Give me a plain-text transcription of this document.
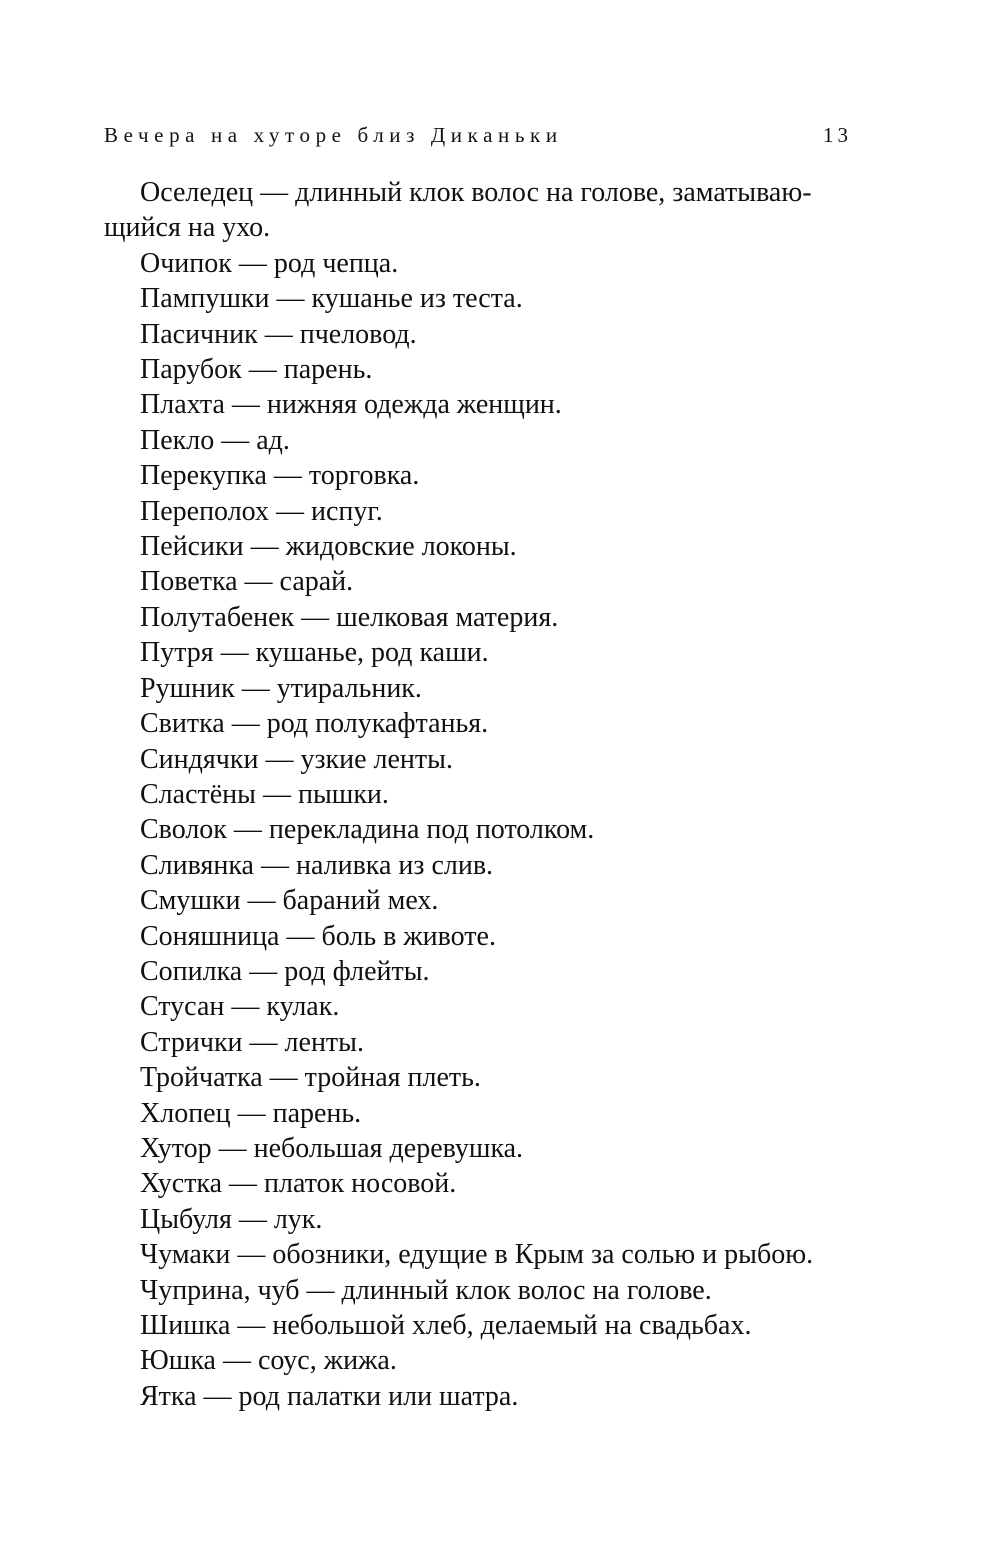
Вечера на хуторе близ Диканьки	13

Оселедец — длинный клок волос на голове, заматываю-

щийся на ухо.

Очипок — род чепца.

Пампушки — кушанье из теста.

Пасичник — пчеловод.

Парубок — парень.

Плахта — нижняя одежда женщин.

Пекло — ад.

Перекупка — торговка.

Переполох — испуг.

Пейсики — жидовские локоны.

Поветка — сарай.

Полутабенек — шелковая материя.

Путря — кушанье, род каши.

Рушник — утиральник.

Свитка — род полукафтанья.

Синдячки — узкие ленты.

Сластёны — пышки.

Сволок — перекладина под потолком.

Сливянка — наливка из слив.

Смушки — бараний мех.

Соняшница — боль в животе.

Сопилка — род флейты.

Стусан — кулак.

Стрички — ленты.

Тройчатка — тройная плеть.

Хлопец — парень.

Хутор — небольшая деревушка.

Хустка — платок носовой.

Цыбуля — лук.

Чумаки — обозники, едущие в Крым за солью и рыбою.

Чуприна, чуб — длинный клок волос на голове.

Шишка — небольшой хлеб, делаемый на свадьбах.

Юшка — соус, жижа.

Ятка — род палатки или шатра.
